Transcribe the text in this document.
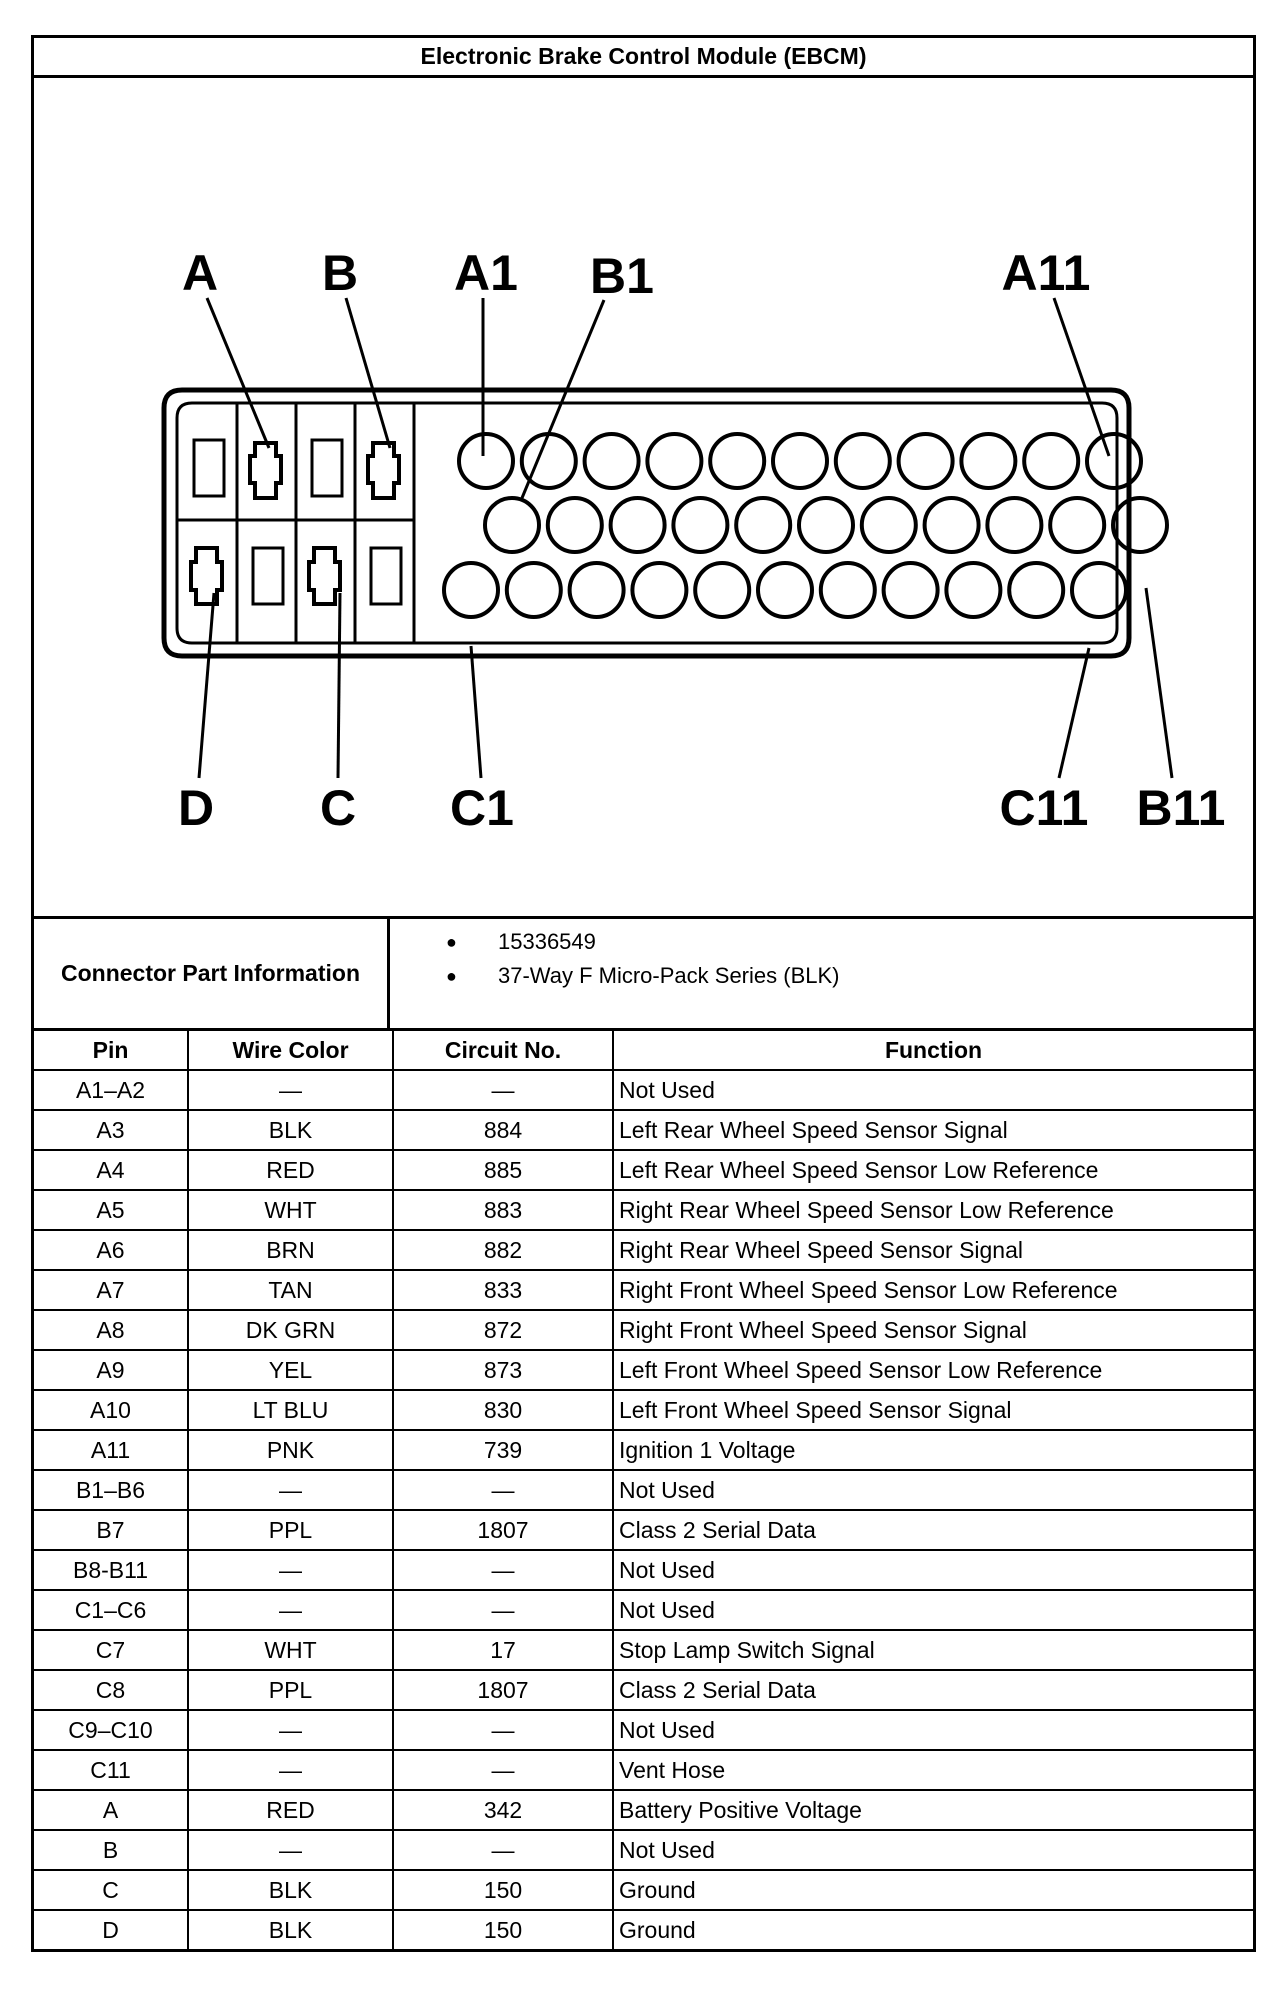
Electronic Brake Control Module (EBCM)
A B A1 B1	A11
D C C1	C11 B11
Connector Part Information
● 15336549
● 37-Way F Micro-Pack Series (BLK)
Pin	Wire Color	Circuit No.	Function
A1–A2	—	—	Not Used
A3	BLK	884	Left Rear Wheel Speed Sensor Signal
A4	RED	885	Left Rear Wheel Speed Sensor Low Reference
A5	WHT	883	Right Rear Wheel Speed Sensor Low Reference
A6	BRN	882	Right Rear Wheel Speed Sensor Signal
A7	TAN	833	Right Front Wheel Speed Sensor Low Reference
A8	DK GRN	872	Right Front Wheel Speed Sensor Signal
A9	YEL	873	Left Front Wheel Speed Sensor Low Reference
A10	LT BLU	830	Left Front Wheel Speed Sensor Signal
A11	PNK	739	Ignition 1 Voltage
B1–B6	—	—	Not Used
B7	PPL	1807	Class 2 Serial Data
B8-B11	—	—	Not Used
C1–C6	—	—	Not Used
C7	WHT	17	Stop Lamp Switch Signal
C8	PPL	1807	Class 2 Serial Data
C9–C10	—	—	Not Used
C11	—	—	Vent Hose
A	RED	342	Battery Positive Voltage
B	—	—	Not Used
C	BLK	150	Ground
D	BLK	150	Ground
